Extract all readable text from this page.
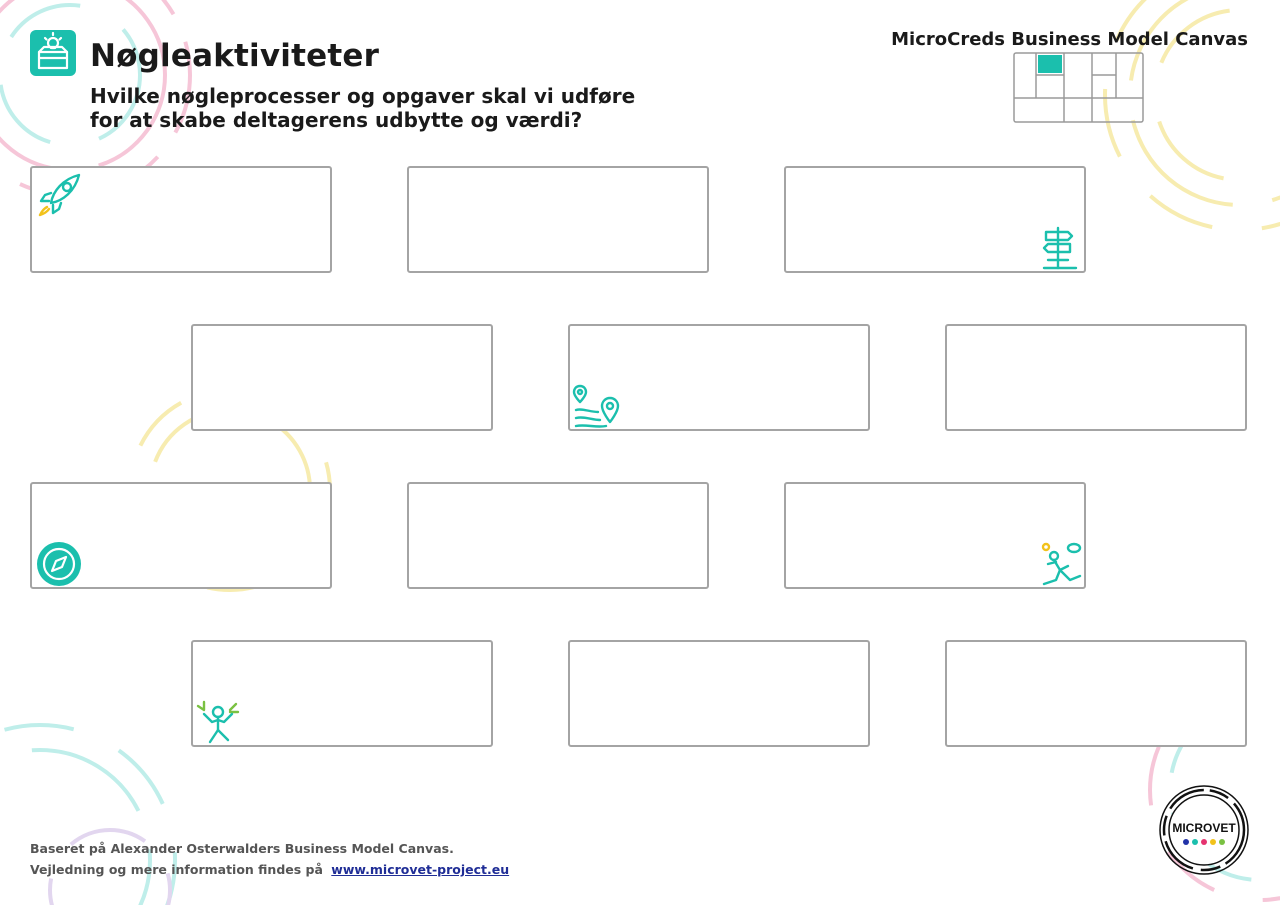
Nøgleaktiviteter
Hvilke nøgleprocesser og opgaver skal vi udføre
for at skabe deltagerens udbytte og værdi?
MicroCreds Business Model Canvas
Baseret på Alexander Osterwalders Business Model Canvas.
Vejledning og mere information findes på www.microvet-project.eu
MICROVET
